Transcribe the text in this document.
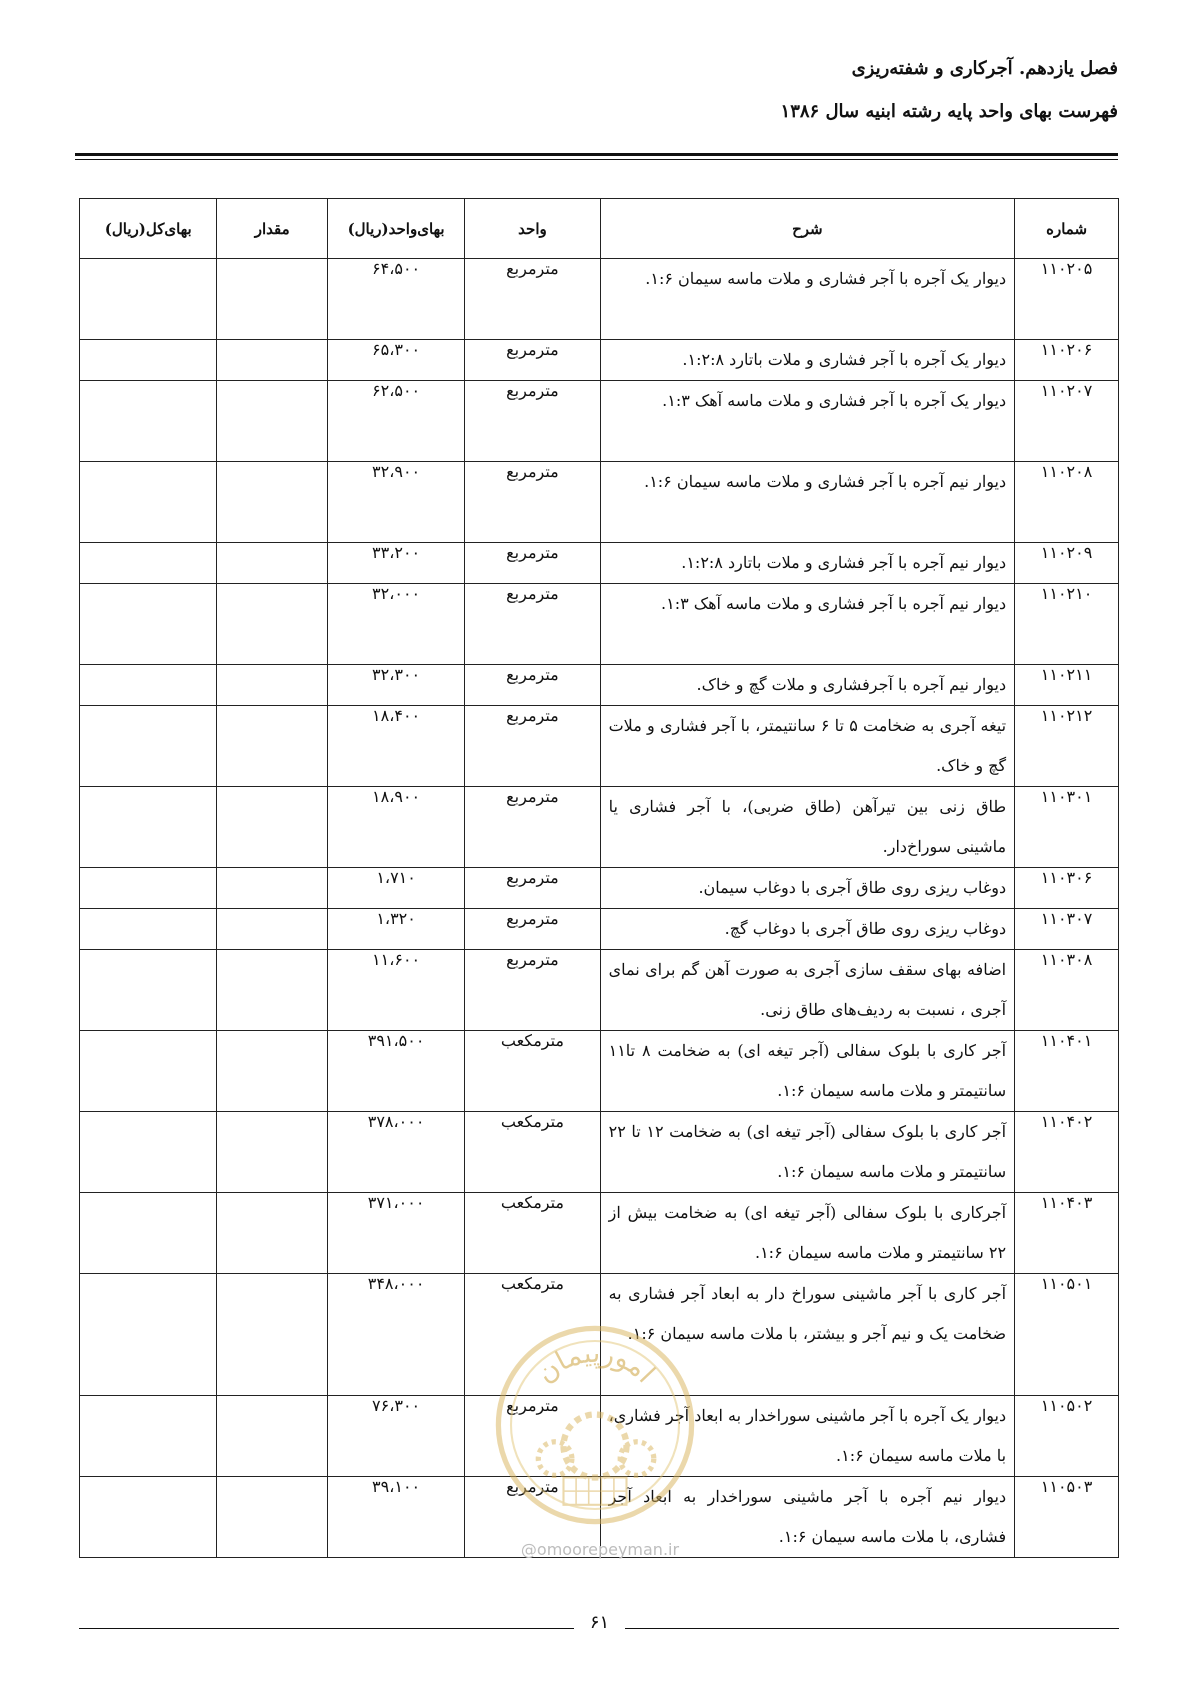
فصل یازدهم. آجرکاری و شفته‌ریزی
فهرست بهای واحد پایه رشته ابنیه سال ۱۳۸۶
شماره	شرح	واحد	بهای‌واحد(ریال)	مقدار	بهای‌کل(ریال)
۱۱۰۲۰۵	دیوار یک آجره با آجر فشاری و ملات ماسه سیمان ۱:۶.	مترمربع	۶۴،۵۰۰		
۱۱۰۲۰۶	دیوار یک آجره با آجر فشاری و ملات باتارد ۱:۲:۸.	مترمربع	۶۵،۳۰۰		
۱۱۰۲۰۷	دیوار یک آجره با آجر فشاری و ملات ماسه آهک ۱:۳.	مترمربع	۶۲،۵۰۰		
۱۱۰۲۰۸	دیوار نیم آجره با آجر فشاری و ملات ماسه سیمان ۱:۶.	مترمربع	۳۲،۹۰۰		
۱۱۰۲۰۹	دیوار نیم آجره با آجر فشاری و ملات باتارد ۱:۲:۸.	مترمربع	۳۳،۲۰۰		
۱۱۰۲۱۰	دیوار نیم آجره با آجر فشاری و ملات ماسه آهک ۱:۳.	مترمربع	۳۲،۰۰۰		
۱۱۰۲۱۱	دیوار نیم آجره با آجرفشاری و ملات گچ و خاک.	مترمربع	۳۲،۳۰۰		
۱۱۰۲۱۲	تیغه آجری به ضخامت ۵ تا ۶ سانتیمتر، با آجر فشاری و ملات گچ و خاک.	مترمربع	۱۸،۴۰۰		
۱۱۰۳۰۱	طاق زنی بین تیرآهن (طاق ضربی)، با آجر فشاری یا ماشینی سوراخ‌دار.	مترمربع	۱۸،۹۰۰		
۱۱۰۳۰۶	دوغاب ریزی روی طاق آجری با دوغاب سیمان.	مترمربع	۱،۷۱۰		
۱۱۰۳۰۷	دوغاب ریزی روی طاق آجری با دوغاب گچ.	مترمربع	۱،۳۲۰		
۱۱۰۳۰۸	اضافه بهای سقف سازی آجری به صورت آهن گم برای نمای آجری ، نسبت به ردیف‌های طاق زنی.	مترمربع	۱۱،۶۰۰		
۱۱۰۴۰۱	آجر کاری با بلوک سفالی (آجر تیغه ای) به ضخامت ۸ تا۱۱ سانتیمتر و ملات ماسه سیمان ۱:۶.	مترمکعب	۳۹۱،۵۰۰		
۱۱۰۴۰۲	آجر کاری با بلوک سفالی (آجر تیغه ای) به ضخامت ۱۲ تا ۲۲ سانتیمتر و ملات ماسه سیمان ۱:۶.	مترمکعب	۳۷۸،۰۰۰		
۱۱۰۴۰۳	آجرکاری با بلوک سفالی (آجر تیغه ای) به ضخامت بیش از ۲۲ سانتیمتر و ملات ماسه سیمان ۱:۶.	مترمکعب	۳۷۱،۰۰۰		
۱۱۰۵۰۱	آجر کاری با آجر ماشینی سوراخ دار به ابعاد آجر فشاری به ضخامت یک و نیم آجر و بیشتر، با ملات ماسه سیمان ۱:۶.	مترمکعب	۳۴۸،۰۰۰		
۱۱۰۵۰۲	دیوار یک آجره با آجر ماشینی سوراخدار به ابعاد آجر فشاری، با ملات ماسه سیمان ۱:۶.	مترمربع	۷۶،۳۰۰		
۱۱۰۵۰۳	دیوار نیم آجره با آجر ماشینی سوراخدار به ابعاد آجر فشاری، با ملات ماسه سیمان ۱:۶.	مترمربع	۳۹،۱۰۰		
امورپیمان
@omoorepeyman.ir
۶۱
